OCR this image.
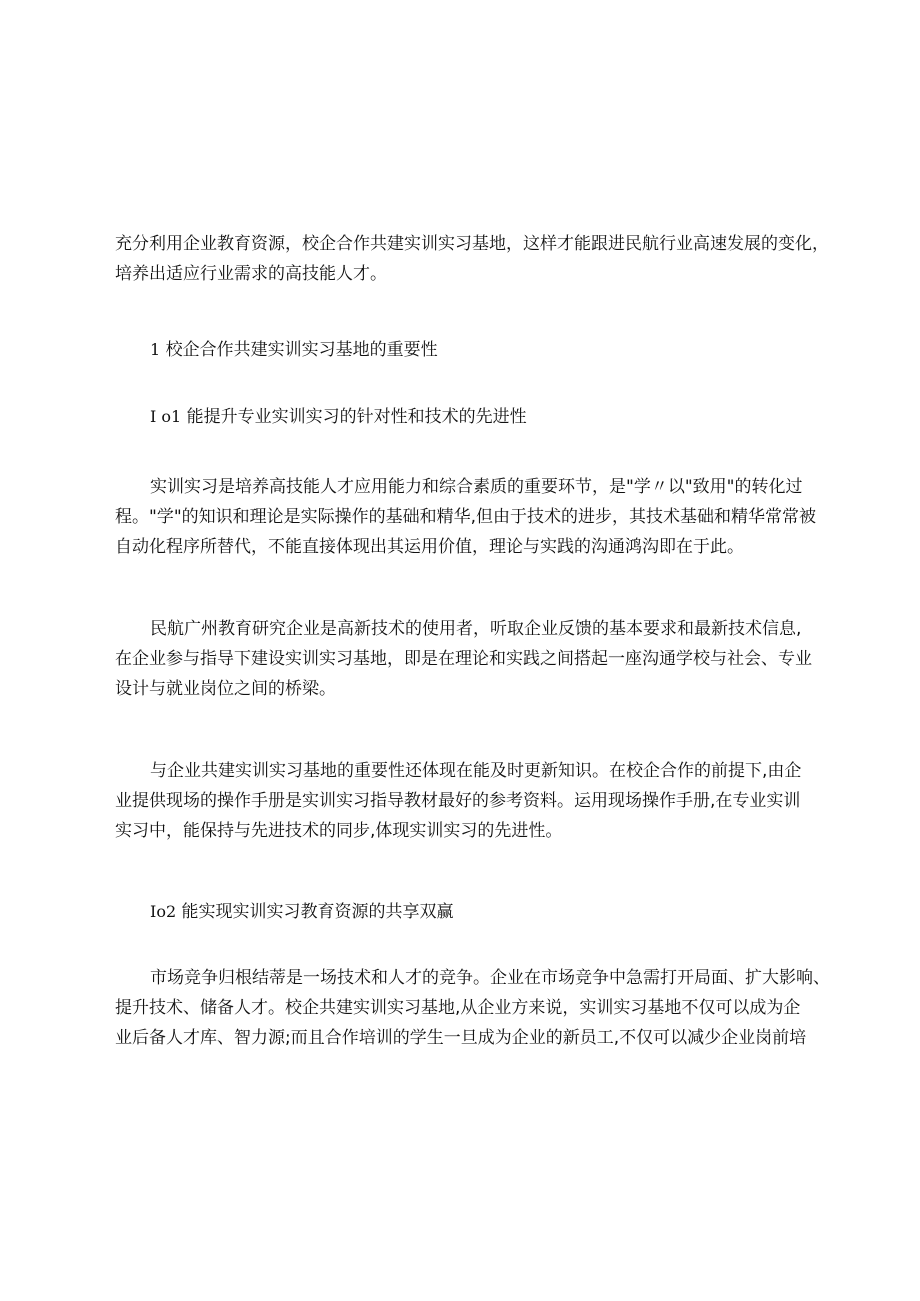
充分利用企业教育资源，校企合作共建实训实习基地，这样才能跟进民航行业高速发展的变化，
培养出适应行业需求的高技能人才。
1 校企合作共建实训实习基地的重要性
I o1 能提升专业实训实习的针对性和技术的先进性
实训实习是培养高技能人才应用能力和综合素质的重要环节，是"学〃以"致用"的转化过
程。"学"的知识和理论是实际操作的基础和精华,但由于技术的进步，其技术基础和精华常常被
自动化程序所替代，不能直接体现出其运用价值，理论与实践的沟通鸿沟即在于此。
民航广州教育研究企业是高新技术的使用者，听取企业反馈的基本要求和最新技术信息,
在企业参与指导下建设实训实习基地，即是在理论和实践之间搭起一座沟通学校与社会、专业
设计与就业岗位之间的桥梁。
与企业共建实训实习基地的重要性还体现在能及时更新知识。在校企合作的前提下,由企
业提供现场的操作手册是实训实习指导教材最好的参考资料。运用现场操作手册,在专业实训
实习中，能保持与先进技术的同步,体现实训实习的先进性。
Io2 能实现实训实习教育资源的共享双赢
市场竞争归根结蒂是一场技术和人才的竞争。企业在市场竞争中急需打开局面、扩大影响、
提升技术、储备人才。校企共建实训实习基地,从企业方来说，实训实习基地不仅可以成为企
业后备人才库、智力源;而且合作培训的学生一旦成为企业的新员工,不仅可以减少企业岗前培
